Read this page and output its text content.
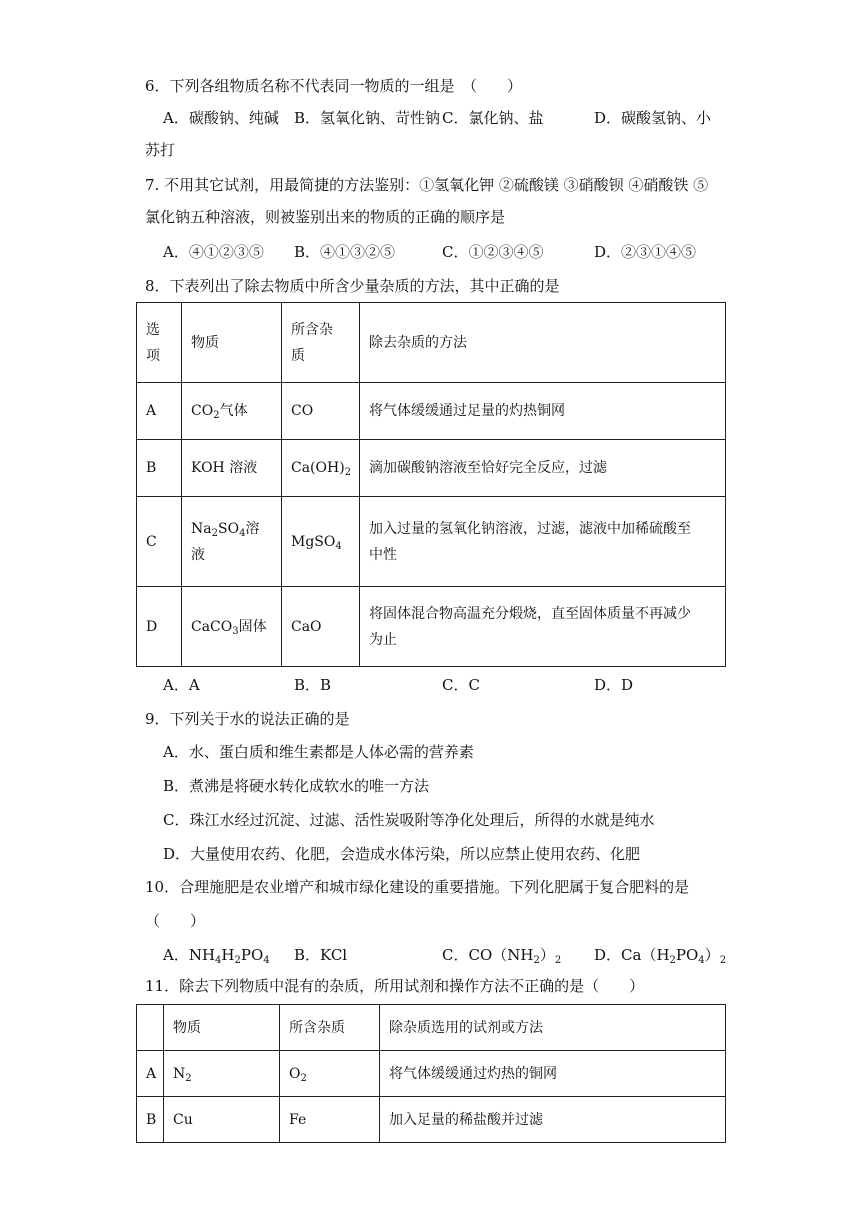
6．下列各组物质名称不代表同一物质的一组是　（　　）
A．碳酸钠、纯碱 B．氢氧化钠、苛性钠 C．氯化钠、盐	D．碳酸氢钠、小
苏打
7. 不用其它试剂，用最简捷的方法鉴别：①氢氧化钾 ②硫酸镁 ③硝酸钡 ④硝酸铁 ⑤
氯化钠五种溶液，则被鉴别出来的物质的正确的顺序是
A．④①②③⑤ B．④①③②⑤	C．①②③④⑤	D．②③①④⑤
8．下表列出了除去物质中所含少量杂质的方法，其中正确的是
选
项	物质	所含杂
质	除去杂质的方法
A	$CO_2$气体	CO	将气体缓缓通过足量的灼热铜网
B	KOH 溶液	$Ca(OH)_2$	滴加碳酸钠溶液至恰好完全反应，过滤
C	$Na_2SO_4$溶
液	MgSO$_4$	加入过量的氢氧化钠溶液，过滤，滤液中加稀硫酸至
中性
D	CaCO$_3$固体	CaO	将固体混合物高温充分煅烧，直至固体质量不再减少
为止
A．A	B．B	C．C	D．D
9．下列关于水的说法正确的是
A．水、蛋白质和维生素都是人体必需的营养素
B．煮沸是将硬水转化成软水的唯一方法
C．珠江水经过沉淀、过滤、活性炭吸附等净化处理后，所得的水就是纯水
D．大量使用农药、化肥，会造成水体污染，所以应禁止使用农药、化肥
10．合理施肥是农业增产和城市绿化建设的重要措施。下列化肥属于复合肥料的是
（　　）
A．$NH_4H_2PO_4$ B．KCl	C．$CO(NH_2)_2$ D．$Ca(H_2PO_4)_2$
11．除去下列物质中混有的杂质，所用试剂和操作方法不正确的是（　　）
	物质	所含杂质	除杂质选用的试剂或方法
A	$N_2$	$O_2$	将气体缓缓通过灼热的铜网
B	Cu	Fe	加入足量的稀盐酸并过滤
